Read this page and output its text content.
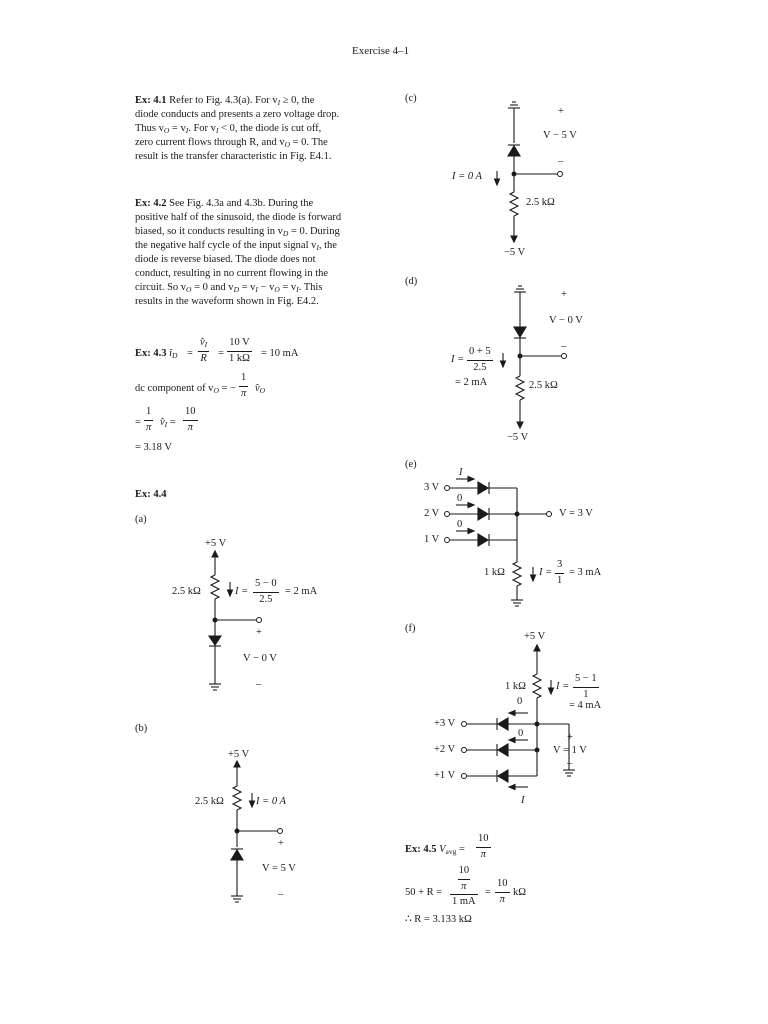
Exercise 4–1
Ex: 4.1 Refer to Fig. 4.3(a). For $v_I \ge 0$, the
diode conducts and presents a zero voltage drop.
Thus $v_O = v_I$. For $v_I < 0$, the diode is cut off,
zero current flows through R, and $v_O = 0$. The
result is the transfer characteristic in Fig. E4.1.
Ex: 4.2 See Fig. 4.3a and 4.3b. During the
positive half of the sinusoid, the diode is forward
biased, so it conducts resulting in $v_D = 0$. During
the negative half cycle of the input signal $v_I$, the
diode is reverse biased. The diode does not
conduct, resulting in no current flowing in the
circuit. So $v_O = 0$ and $v_D = v_I - v_O = v_I$. This
results in the waveform shown in Fig. E4.2.
Ex: 4.3 $î_D = \frac{v̂_I}{R} = \frac{10 V}{1 k\Omega} = 10$ mA
dc component of $v_O$ = − $\frac{1}{\pi}$ $v̂_O$
= $\frac{1}{\pi}$ $v̂_I = \frac{10}{\pi}$
= 3.18 V
Ex: 4.4
(a)
+5 V
2.5 kΩ	$I = \frac{5 - 0}{2.5} = 2$ mA
+
V − 0 V
–
(b)
+5 V
2.5 kΩ	I = 0 A
+
V = 5 V
–
(c)
+
V − 5 V
–
I = 0 A
2.5 kΩ
−5 V
(d)
+
V − 0 V
–
$I = \frac{0 + 5}{2.5}$
= 2 mA	2.5 kΩ
−5 V
(e)
I
3 V
0
2 V
0
1 V
V = 3 V
1 kΩ	$I = \frac{3}{1} = 3$ mA
(f)
+5 V
1 kΩ	$I = \frac{5 - 1}{1}$
= 4 mA
0
+3 V
0
+2 V
+1 V
I
+
V = 1 V
–
Ex: 4.5 $V_{avg} = \frac{10}{\pi}$
50 + R = 10
π
1 mA = $\frac{10}{\pi}$ kΩ
∴ R = 3.133 kΩ
